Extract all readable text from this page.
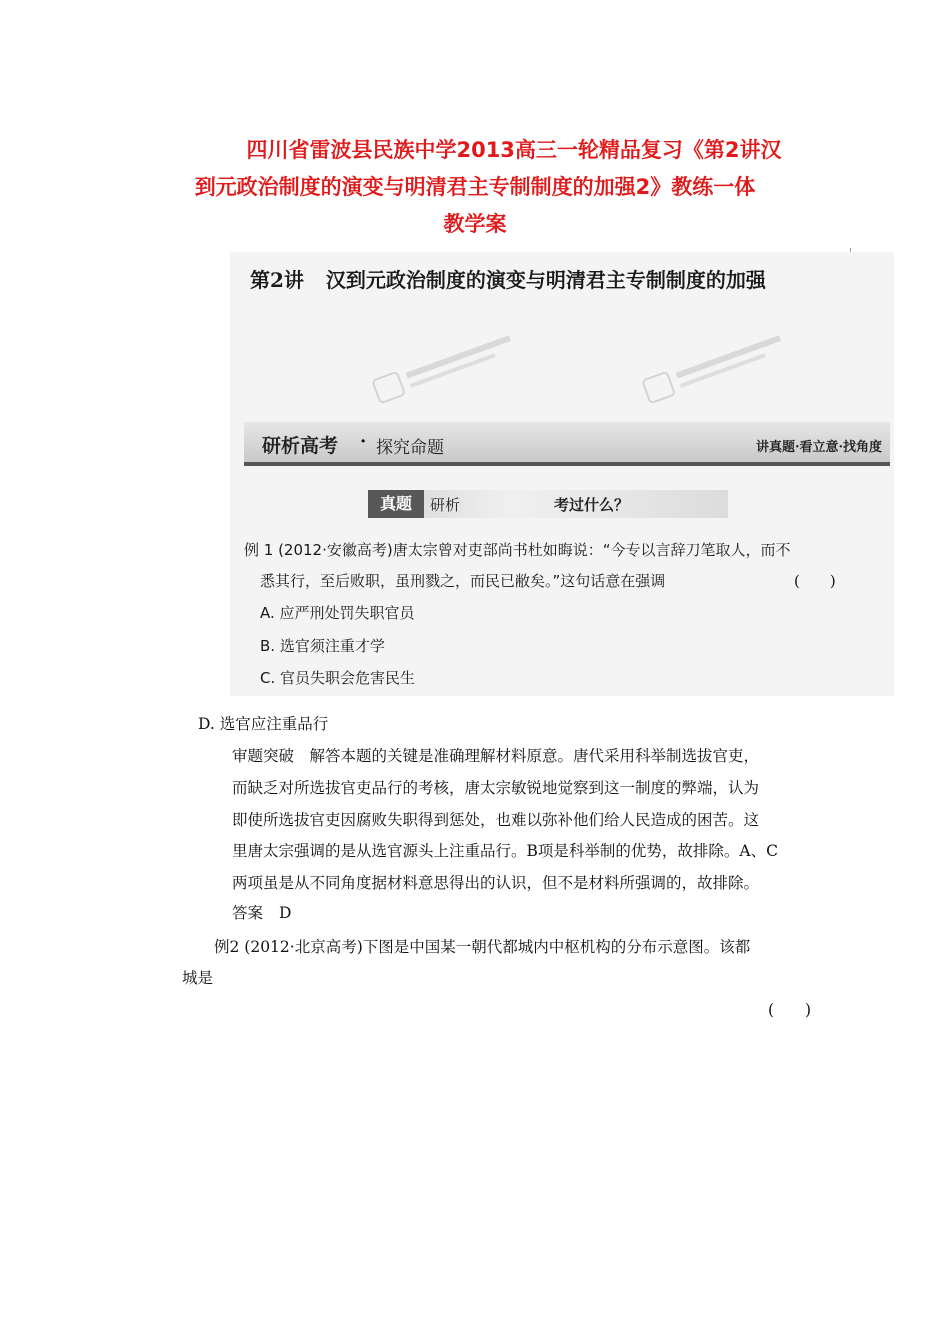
四川省雷波县民族中学2013高三一轮精品复习《第2讲汉
到元政治制度的演变与明清君主专制制度的加强2》教练一体
教学案
第2讲 汉到元政治制度的演变与明清君主专制制度的加强
研析高考 · 探究命题	讲真题·看立意·找角度
真题	研析	考过什么？
例 1 (2012·安徽高考)唐太宗曾对吏部尚书杜如晦说：“今专以言辞刀笔取人，而不
悉其行，至后败职，虽刑戮之，而民已敝矣。”这句话意在强调	(　　)
A. 应严刑处罚失职官员
B. 选官须注重才学
C. 官员失职会危害民生
D. 选官应注重品行
审题突破　解答本题的关键是准确理解材料原意。唐代采用科举制选拔官吏，
而缺乏对所选拔官吏品行的考核，唐太宗敏锐地觉察到这一制度的弊端，认为
即使所选拔官吏因腐败失职得到惩处，也难以弥补他们给人民造成的困苦。这
里唐太宗强调的是从选官源头上注重品行。B项是科举制的优势，故排除。A、C
两项虽是从不同角度据材料意思得出的认识，但不是材料所强调的，故排除。
答案 D
例2 (2012·北京高考)下图是中国某一朝代都城内中枢机构的分布示意图。该都
城是
(　　)
